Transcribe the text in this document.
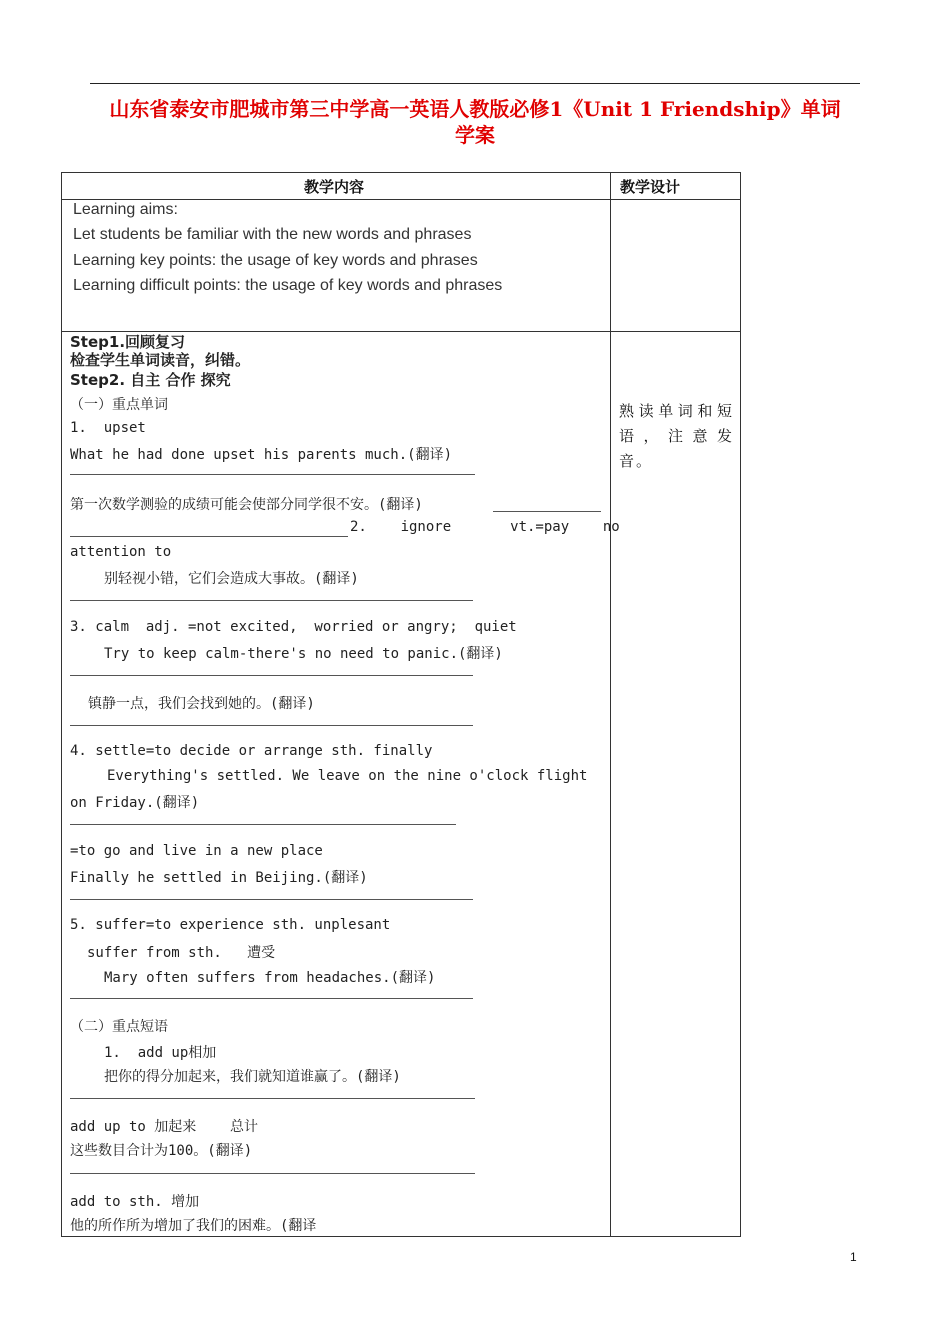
山东省泰安市肥城市第三中学高一英语人教版必修1《Unit 1 Friendship》单词
学案
教学内容	教学设计
Learning aims:
Let students be familiar with the new words and phrases
Learning key points: the usage of key words and phrases
Learning difficult points: the usage of key words and phrases
Step1.回顾复习
检查学生单词读音，纠错。
Step2. 自主 合作 探究
（一）重点单词
1.  upset
What he had done upset his parents much.(翻译)
第一次数学测验的成绩可能会使部分同学很不安。(翻译)
2.    ignore       vt.=pay    no
attention to
别轻视小错，它们会造成大事故。(翻译)
3. calm  adj. =not excited,  worried or angry;  quiet
Try to keep calm-there's no need to panic.(翻译)
镇静一点，我们会找到她的。(翻译)
4. settle=to decide or arrange sth. finally
Everything's settled. We leave on the nine o'clock flight
on Friday.(翻译)
=to go and live in a new place
Finally he settled in Beijing.(翻译)
5. suffer=to experience sth. unplesant
suffer from sth.   遭受
Mary often suffers from headaches.(翻译)
（二）重点短语
1.  add up相加
把你的得分加起来，我们就知道谁赢了。(翻译)
add up to 加起来    总计
这些数目合计为100。(翻译)
add to sth. 增加
他的所作所为增加了我们的困难。(翻译
熟读单词和短语，注意发音。
1
